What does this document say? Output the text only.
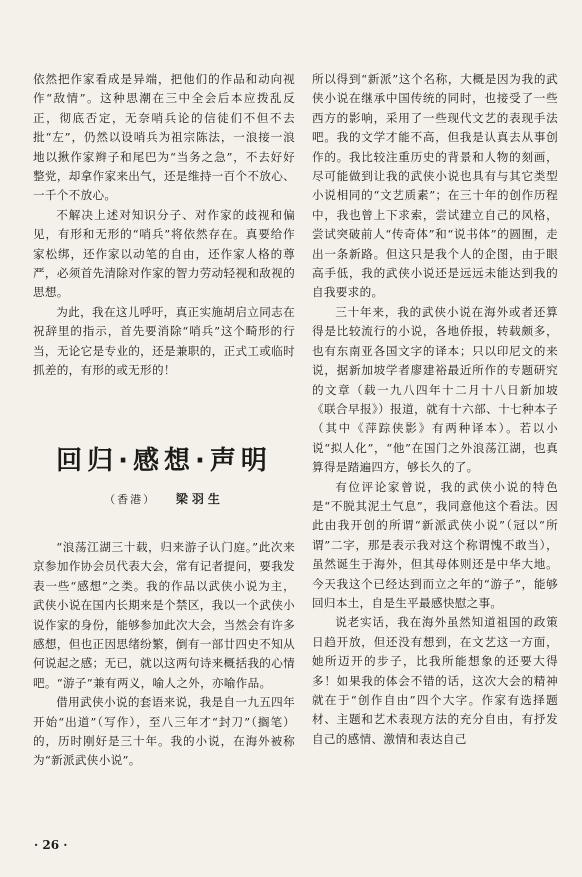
依然把作家看成是异端，把他们的作品和动向视作“敌情”。这种思潮在三中全会后本应拨乱反正，彻底否定，无奈哨兵论的信徒们不但不去批“左”，仍然以设哨兵为祖宗陈法，一浪接一浪地以揪作家辫子和尾巴为“当务之急”，不去好好整党，却拿作家来出气，还是维持一百个不放心、一千个不放心。

不解决上述对知识分子、对作家的歧视和偏见，有形和无形的“哨兵”将依然存在。真要给作家松绑，还作家以动笔的自由，还作家人格的尊严，必须首先清除对作家的智力劳动轻视和敌视的思想。

为此，我在这儿呼吁，真正实施胡启立同志在祝辞里的指示，首先要消除“哨兵”这个畸形的行当，无论它是专业的，还是兼职的，正式工或临时抓差的，有形的或无形的！

回归·感想·声明
（香港） 梁羽生

“浪荡江湖三十载，归来游子认门庭。”此次来京参加作协会员代表大会，常有记者提问，要我发表一些“感想”之类。我的作品以武侠小说为主，武侠小说在国内长期来是个禁区，我以一个武侠小说作家的身份，能够参加此次大会，当然会有许多感想，但也正因思绪纷繁，倒有一部廿四史不知从何说起之感；无已，就以这两句诗来概括我的心情吧。“游子”兼有两义，喻人之外，亦喻作品。

借用武侠小说的套语来说，我是自一九五四年开始“出道”（写作），至八三年才“封刀”（搁笔）的，历时刚好是三十年。我的小说，在海外被称为“新派武侠小说”。

所以得到“新派”这个名称，大概是因为我的武侠小说在继承中国传统的同时，也接受了一些西方的影响，采用了一些现代文艺的表现手法吧。我的文学才能不高，但我是认真去从事创作的。我比较注重历史的背景和人物的刻画，尽可能做到让我的武侠小说也具有与其它类型小说相同的“文艺质素”；在三十年的创作历程中，我也曾上下求索，尝试建立自己的风格，尝试突破前人“传奇体”和“说书体”的圆囿，走出一条新路。但这只是我个人的企图，由于眼高手低，我的武侠小说还是远远未能达到我的自我要求的。

三十年来，我的武侠小说在海外或者还算得是比较流行的小说，各地侨报，转载颇多，也有东南亚各国文字的译本；只以印尼文的来说，据新加坡学者廖建裕最近所作的专题研究的文章（载一九八四年十二月十八日新加坡《联合早报》）报道，就有十六部、十七种本子（其中《萍踪侠影》有两种译本）。若以小说“拟人化”，“他”在国门之外浪荡江湖，也真算得是踏遍四方，够长久的了。

有位评论家曾说，我的武侠小说的特色是“不脱其泥土气息”，我同意他这个看法。因此由我开创的所谓“新派武侠小说”（冠以“所谓”二字，那是表示我对这个称谓愧不敢当），虽然诞生于海外，但其母体则还是中华大地。今天我这个已经达到而立之年的“游子”，能够回归本土，自是生平最感快慰之事。

说老实话，我在海外虽然知道祖国的政策日趋开放，但还没有想到，在文艺这一方面，她所迈开的步子，比我所能想象的还要大得多！如果我的体会不错的话，这次大会的精神就在于“创作自由”四个大字。作家有选择题材、主题和艺术表现方法的充分自由，有抒发自己的感情、激情和表达自己

· 26 ·
